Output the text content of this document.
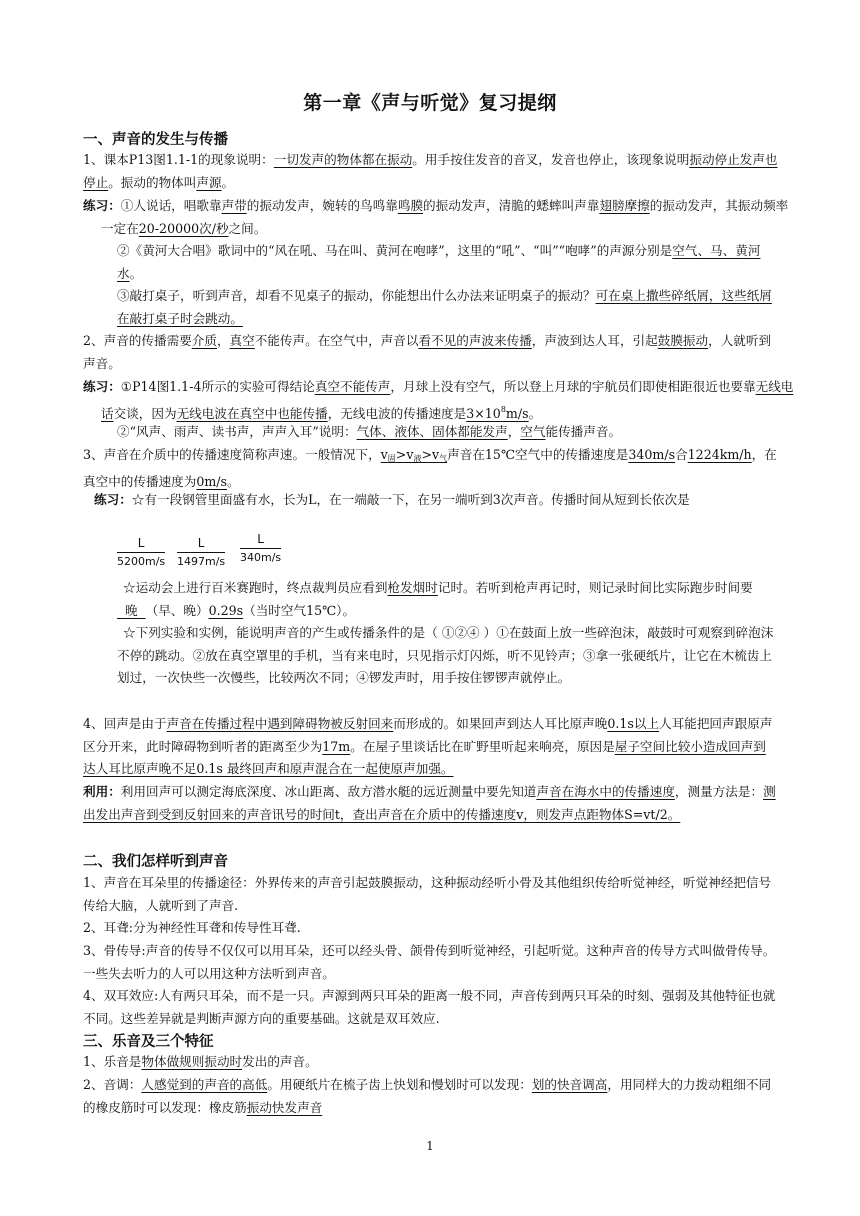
第一章《声与听觉》复习提纲
一、声音的发生与传播
1、课本P13图1.1-1的现象说明：一切发声的物体都在振动。用手按住发音的音叉，发音也停止，该现象说明振动停止发声也停止。振动的物体叫声源。
练习：①人说话，唱歌靠声带的振动发声，婉转的鸟鸣靠鸣膜的振动发声，清脆的蟋蟀叫声靠翅膀摩擦的振动发声，其振动频率一定在20-20000次/秒之间。
②《黄河大合唱》歌词中的“风在吼、马在叫、黄河在咆哮”，这里的“吼”、“叫”“咆哮”的声源分别是空气、马、黄河水。
③敲打桌子，听到声音，却看不见桌子的振动，你能想出什么办法来证明桌子的振动？可在桌上撒些碎纸屑，这些纸屑在敲打桌子时会跳动。
2、声音的传播需要介质，真空不能传声。在空气中，声音以看不见的声波来传播，声波到达人耳，引起鼓膜振动，人就听到声音。
练习：①P14图1.1-4所示的实验可得结论真空不能传声，月球上没有空气，所以登上月球的宇航员们即使相距很近也要靠无线电话交谈，因为无线电波在真空中也能传播，无线电波的传播速度是$3\times 10^8m/s$。
②“风声、雨声、读书声，声声入耳”说明：气体、液体、固体都能发声，空气能传播声音。
3、声音在介质中的传播速度简称声速。一般情况下，$v_固>v_液>v_气$声音在15℃空气中的传播速度是340m/s合1224km/h，在真空中的传播速度为0m/s。
练习：☆有一段钢管里面盛有水，长为L，在一端敲一下，在另一端听到3次声音。传播时间从短到长依次是
$\frac{L}{5200m/s} \frac{L}{1497m/s} \frac{L}{340m/s}$
☆运动会上进行百米赛跑时，终点裁判员应看到枪发烟时记时。若听到枪声再记时，则记录时间比实际跑步时间要  晚  （早、晚）0.29s（当时空气15℃）。
☆下列实验和实例，能说明声音的产生或传播条件的是（ ①②④ ）①在鼓面上放一些碎泡沫，敲鼓时可观察到碎泡沫不停的跳动。②放在真空罩里的手机，当有来电时，只见指示灯闪烁，听不见铃声；③拿一张硬纸片，让它在木梳齿上划过，一次快些一次慢些，比较两次不同；④锣发声时，用手按住锣锣声就停止。
4、回声是由于声音在传播过程中遇到障碍物被反射回来而形成的。如果回声到达人耳比原声晚0.1s以上人耳能把回声跟原声区分开来，此时障碍物到听者的距离至少为17m。在屋子里谈话比在旷野里听起来响亮，原因是屋子空间比较小造成回声到达人耳比原声晚不足0.1s 最终回声和原声混合在一起使原声加强。
利用：利用回声可以测定海底深度、冰山距离、敌方潜水艇的远近测量中要先知道声音在海水中的传播速度，测量方法是：测出发出声音到受到反射回来的声音讯号的时间t，查出声音在介质中的传播速度v，则发声点距物体S=vt/2。
二、我们怎样听到声音
1、声音在耳朵里的传播途径：外界传来的声音引起鼓膜振动，这种振动经听小骨及其他组织传给听觉神经，听觉神经把信号传给大脑，人就听到了声音.
2、耳聋:分为神经性耳聋和传导性耳聋.
3、骨传导:声音的传导不仅仅可以用耳朵，还可以经头骨、颌骨传到听觉神经，引起听觉。这种声音的传导方式叫做骨传导。一些失去听力的人可以用这种方法听到声音。
4、双耳效应:人有两只耳朵，而不是一只。声源到两只耳朵的距离一般不同，声音传到两只耳朵的时刻、强弱及其他特征也就不同。这些差异就是判断声源方向的重要基础。这就是双耳效应.
三、乐音及三个特征
1、乐音是物体做规则振动时发出的声音。
2、音调：人感觉到的声音的高低。用硬纸片在梳子齿上快划和慢划时可以发现：划的快音调高，用同样大的力拨动粗细不同的橡皮筋时可以发现：橡皮筋振动快发声音
1
